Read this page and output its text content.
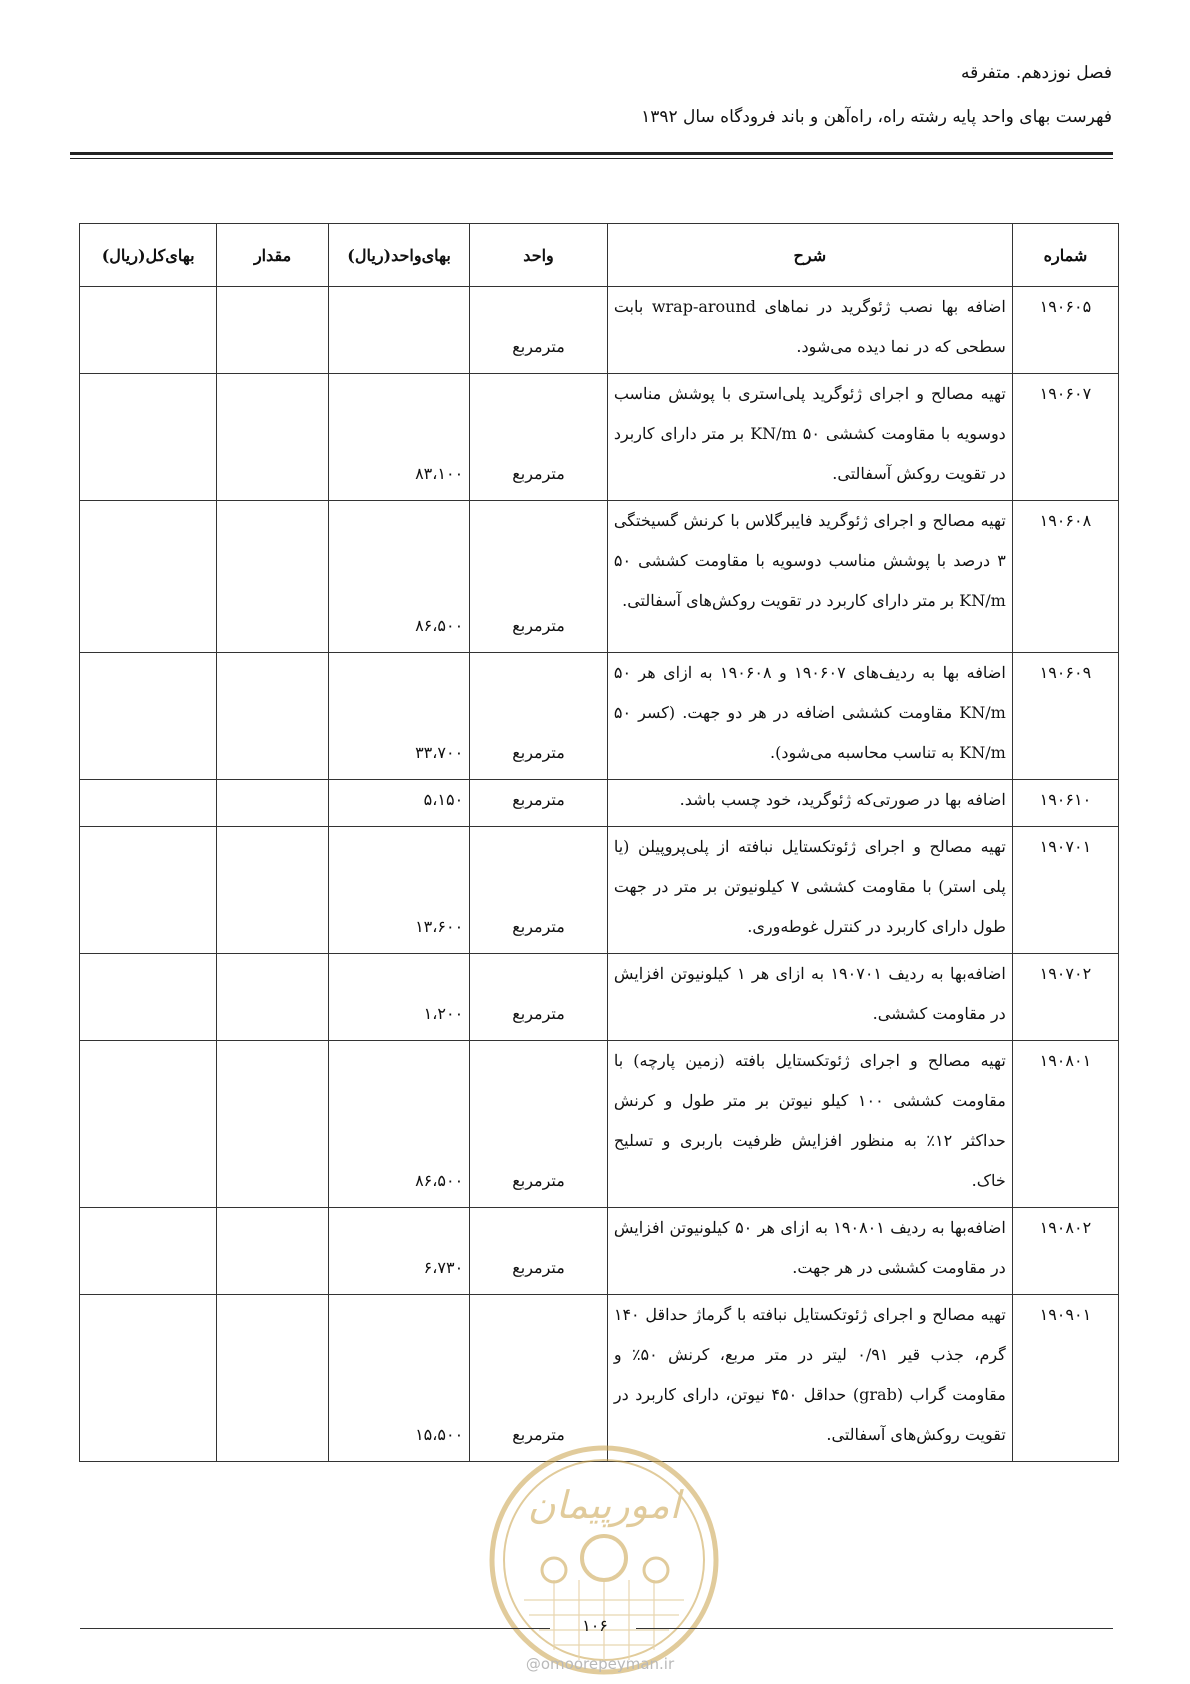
فصل نوزدهم. متفرقه
فهرست بهای واحد پایه رشته راه، راه‌آهن و باند فرودگاه سال ۱۳۹۲
شماره	شرح	واحد	بهای‌واحد(ریال)	مقدار	بهای‌کل(ریال)
۱۹۰۶۰۵	اضافه بها نصب ژئوگرید در نماهای wrap-around بابت سطحی که در نما دیده می‌شود.	مترمربع			
۱۹۰۶۰۷	تهیه مصالح و اجرای ژئوگرید پلی‌استری با پوشش مناسب دوسویه با مقاومت کششی ۵۰ KN/m بر متر دارای کاربرد در تقویت روکش آسفالتی.	مترمربع	۸۳،۱۰۰		
۱۹۰۶۰۸	تهیه مصالح و اجرای ژئوگرید فایبرگلاس با کرنش گسیختگی ۳ درصد با پوشش مناسب دوسویه با مقاومت کششی ۵۰ KN/m بر متر دارای کاربرد در تقویت روکش‌های آسفالتی.	مترمربع	۸۶،۵۰۰		
۱۹۰۶۰۹	اضافه بها به ردیف‌های ۱۹۰۶۰۷ و ۱۹۰۶۰۸ به ازای هر ۵۰ KN/m مقاومت کششی اضافه در هر دو جهت. (کسر ۵۰ KN/m به تناسب محاسبه می‌شود).	مترمربع	۳۳،۷۰۰		
۱۹۰۶۱۰	اضافه بها در صورتی‌که ژئوگرید، خود چسب باشد.	مترمربع	۵،۱۵۰		
۱۹۰۷۰۱	تهیه مصالح و اجرای ژئوتکستایل نبافته از پلی‌پروپیلن (یا پلی استر) با مقاومت کششی ۷ کیلونیوتن بر متر در جهت طول دارای کاربرد در کنترل غوطه‌وری.	مترمربع	۱۳،۶۰۰		
۱۹۰۷۰۲	اضافه‌بها به ردیف ۱۹۰۷۰۱ به ازای هر ۱ کیلونیوتن افزایش در مقاومت کششی.	مترمربع	۱،۲۰۰		
۱۹۰۸۰۱	تهیه مصالح و اجرای ژئوتکستایل بافته (زمین پارچه) با مقاومت کششی ۱۰۰ کیلو نیوتن بر متر طول و کرنش حداکثر ۱۲٪ به منظور افزایش ظرفیت باربری و تسلیح خاک.	مترمربع	۸۶،۵۰۰		
۱۹۰۸۰۲	اضافه‌بها به ردیف ۱۹۰۸۰۱ به ازای هر ۵۰ کیلونیوتن افزایش در مقاومت کششی در هر جهت.	مترمربع	۶،۷۳۰		
۱۹۰۹۰۱	تهیه مصالح و اجرای ژئوتکستایل نبافته با گرماژ حداقل ۱۴۰ گرم، جذب قیر ۰/۹۱ لیتر در متر مربع، کرنش ۵۰٪ و مقاومت گراب (grab) حداقل ۴۵۰ نیوتن، دارای کاربرد در تقویت روکش‌های آسفالتی.	مترمربع	۱۵،۵۰۰		
امورپیمان
۱۰۶
@omoorepeyman.ir
